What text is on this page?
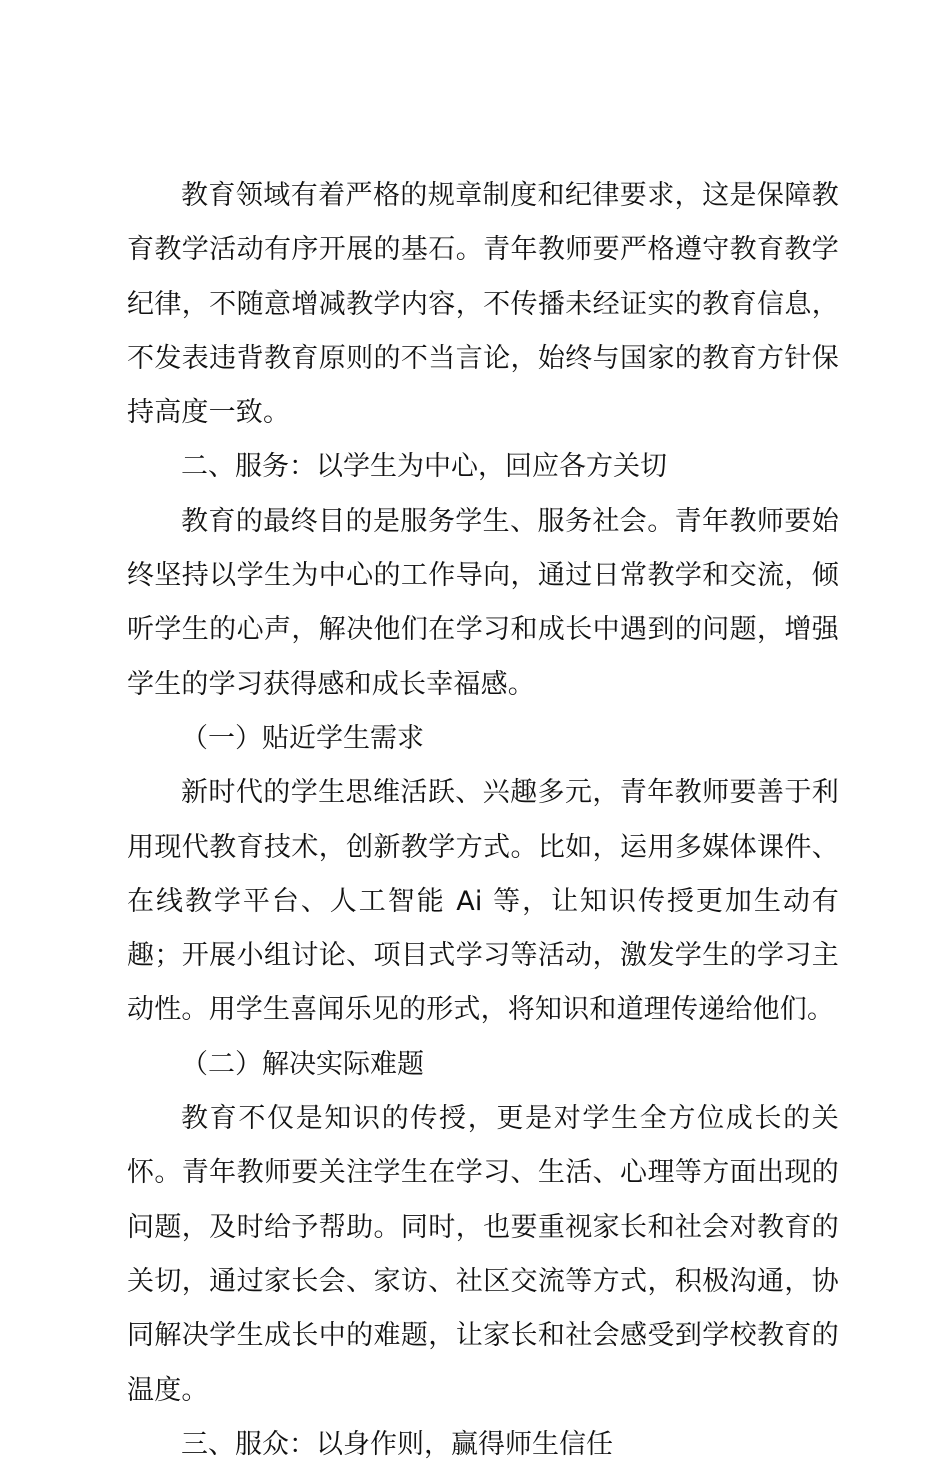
教育领域有着严格的规章制度和纪律要求，这是保障教育教学活动有序开展的基石。青年教师要严格遵守教育教学纪律，不随意增减教学内容，不传播未经证实的教育信息，不发表违背教育原则的不当言论，始终与国家的教育方针保持高度一致。

二、服务：以学生为中心，回应各方关切

教育的最终目的是服务学生、服务社会。青年教师要始终坚持以学生为中心的工作导向，通过日常教学和交流，倾听学生的心声，解决他们在学习和成长中遇到的问题，增强学生的学习获得感和成长幸福感。

（一）贴近学生需求

新时代的学生思维活跃、兴趣多元，青年教师要善于利用现代教育技术，创新教学方式。比如，运用多媒体课件、在线教学平台、人工智能 Ai 等，让知识传授更加生动有趣；开展小组讨论、项目式学习等活动，激发学生的学习主动性。用学生喜闻乐见的形式，将知识和道理传递给他们。

（二）解决实际难题

教育不仅是知识的传授，更是对学生全方位成长的关怀。青年教师要关注学生在学习、生活、心理等方面出现的问题，及时给予帮助。同时，也要重视家长和社会对教育的关切，通过家长会、家访、社区交流等方式，积极沟通，协同解决学生成长中的难题，让家长和社会感受到学校教育的温度。

三、服众：以身作则，赢得师生信任
